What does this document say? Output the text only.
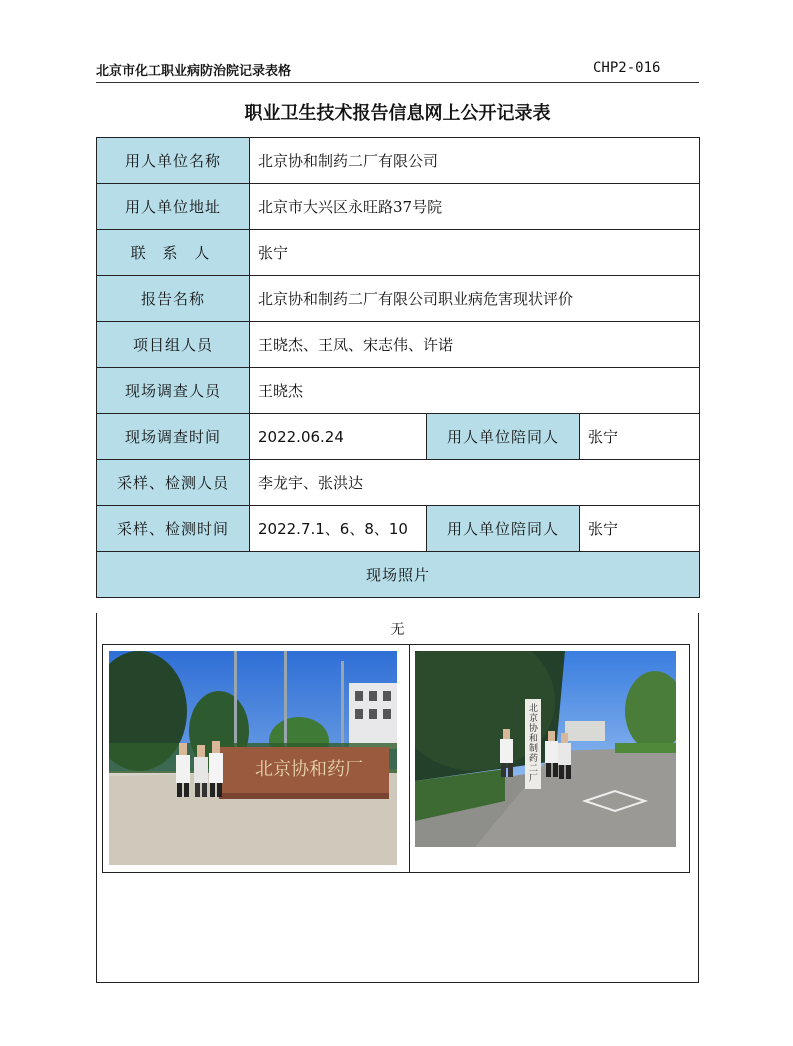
北京市化工职业病防治院记录表格	CHP2-016
职业卫生技术报告信息网上公开记录表
用人单位名称	北京协和制药二厂有限公司		
用人单位地址	北京市大兴区永旺路37号院		
联 系 人	张宁		
报告名称	北京协和制药二厂有限公司职业病危害现状评价		
项目组人员	王晓杰、王凤、宋志伟、许诺		
现场调查人员	王晓杰		
现场调查时间	2022.06.24	用人单位陪同人	张宁
采样、检测人员	李龙宇、张洪达		
采样、检测时间	2022.7.1、6、8、10	用人单位陪同人	张宁
现场照片			
无
北京协和药厂
北京协和制药二厂
